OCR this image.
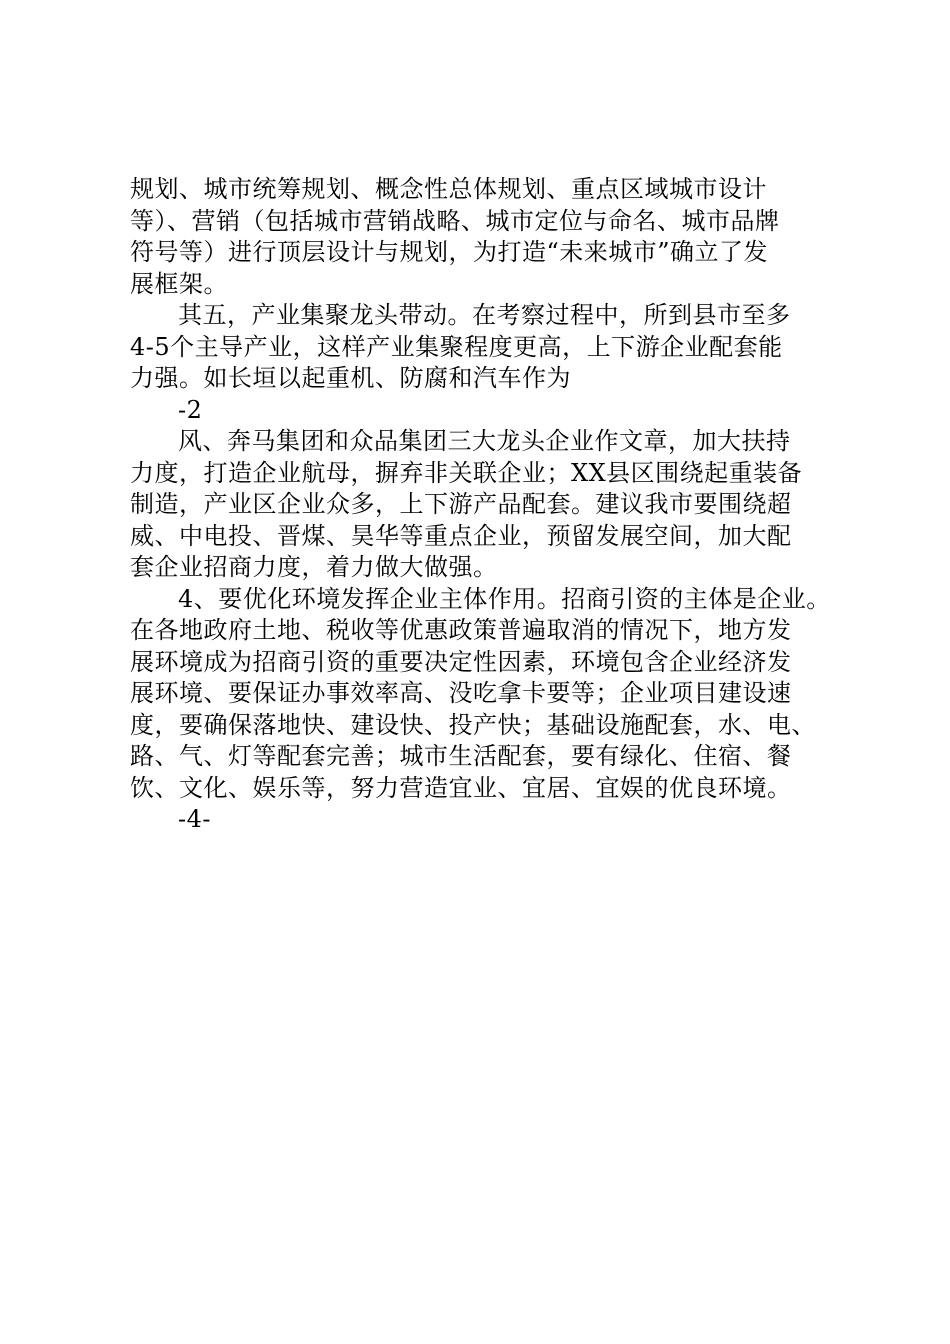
规划、城市统筹规划、概念性总体规划、重点区域城市设计
等）、营销（包括城市营销战略、城市定位与命名、城市品牌
符号等）进行顶层设计与规划，为打造“未来城市”确立了发
展框架。
其五，产业集聚龙头带动。在考察过程中，所到县市至多
4-5个主导产业，这样产业集聚程度更高，上下游企业配套能
力强。如长垣以起重机、防腐和汽车作为
-2
风、奔马集团和众品集团三大龙头企业作文章，加大扶持
力度，打造企业航母，摒弃非关联企业；XX县区围绕起重装备
制造，产业区企业众多，上下游产品配套。建议我市要围绕超
威、中电投、晋煤、昊华等重点企业，预留发展空间，加大配
套企业招商力度，着力做大做强。
4、要优化环境发挥企业主体作用。招商引资的主体是企业。
在各地政府土地、税收等优惠政策普遍取消的情况下，地方发
展环境成为招商引资的重要决定性因素，环境包含企业经济发
展环境、要保证办事效率高、没吃拿卡要等；企业项目建设速
度，要确保落地快、建设快、投产快；基础设施配套，水、电、
路、气、灯等配套完善；城市生活配套，要有绿化、住宿、餐
饮、文化、娱乐等，努力营造宜业、宜居、宜娱的优良环境。
-4-
